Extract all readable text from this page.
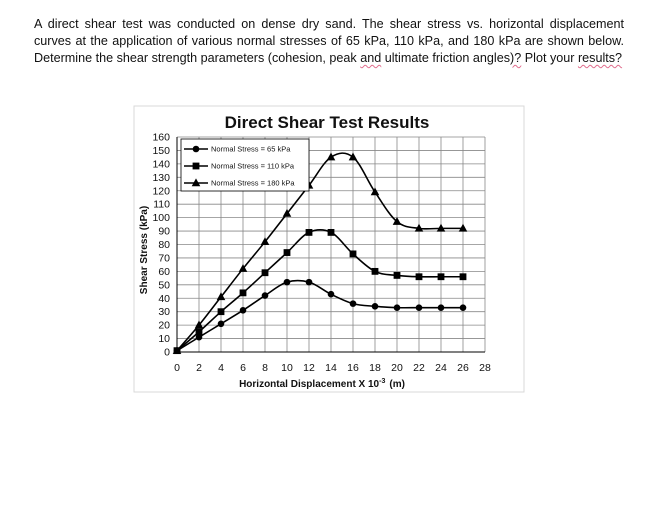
A direct shear test was conducted on dense dry sand. The shear stress vs. horizontal displacement curves at the application of various normal stresses of 65 kPa, 110 kPa, and 180 kPa are shown below. Determine the shear strength parameters (cohesion, peak and ultimate friction angles)? Plot your results?
Direct Shear Test Results
0
10
20
30
40
50
60
70
80
90
100
110
120
130
140
150
160
0 2 4 6 8 10 12 14 16 18 20 22 24 26 28
Shear Stress (kPa)
Horizontal Displacement X $10^{-3}$ (m)
Normal Stress = 65 kPa
Normal Stress = 110 kPa
Normal Stress = 180 kPa
